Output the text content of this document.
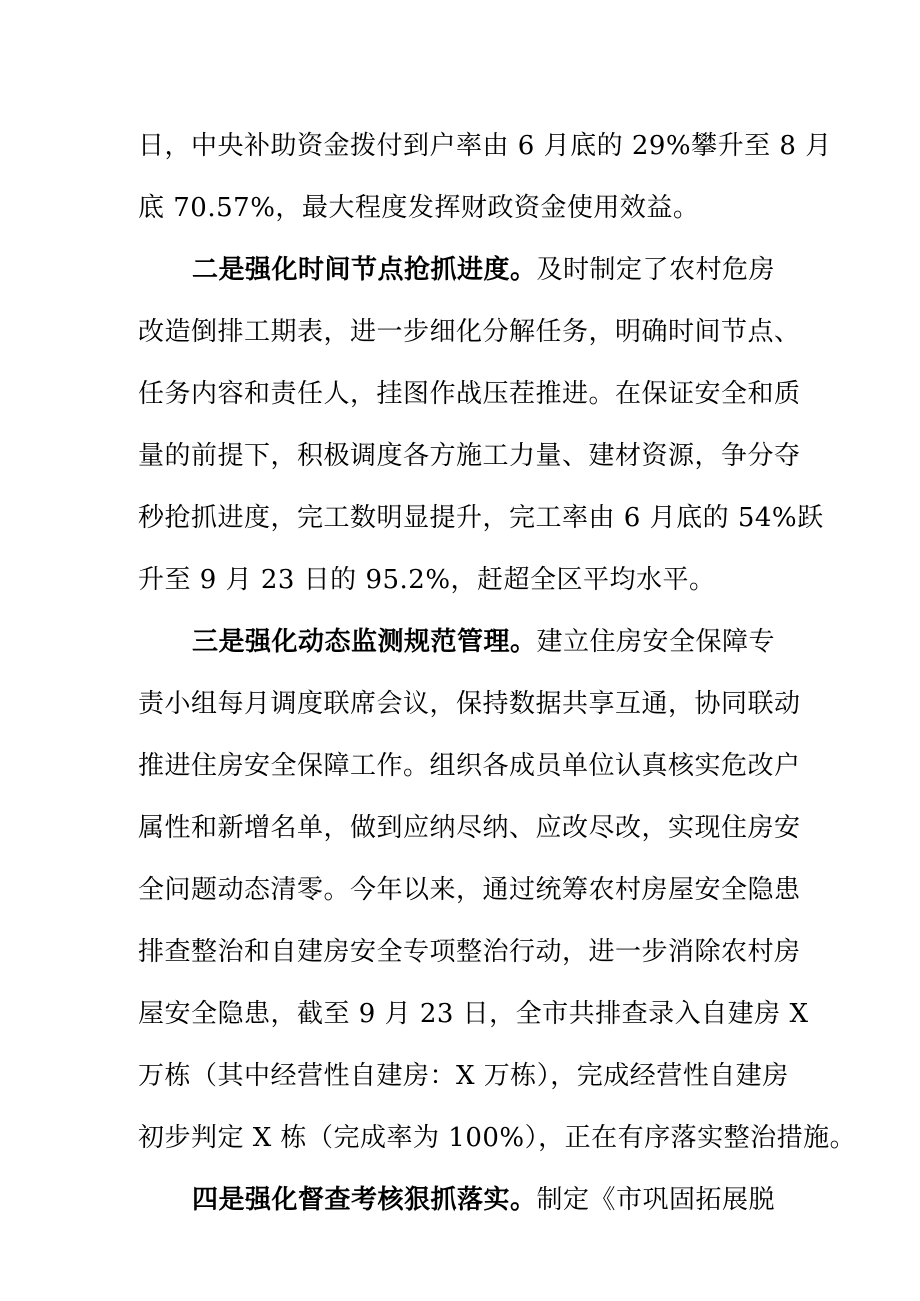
日，中央补助资金拨付到户率由 6 月底的 29%攀升至 8 月
底 70.57%，最大程度发挥财政资金使用效益。
二是强化时间节点抢抓进度。及时制定了农村危房
改造倒排工期表，进一步细化分解任务，明确时间节点、
任务内容和责任人，挂图作战压茬推进。在保证安全和质
量的前提下，积极调度各方施工力量、建材资源，争分夺
秒抢抓进度，完工数明显提升，完工率由 6 月底的 54%跃
升至 9 月 23 日的 95.2%，赶超全区平均水平。
三是强化动态监测规范管理。建立住房安全保障专
责小组每月调度联席会议，保持数据共享互通，协同联动
推进住房安全保障工作。组织各成员单位认真核实危改户
属性和新增名单，做到应纳尽纳、应改尽改，实现住房安
全问题动态清零。今年以来，通过统筹农村房屋安全隐患
排查整治和自建房安全专项整治行动，进一步消除农村房
屋安全隐患，截至 9 月 23 日，全市共排查录入自建房 X
万栋（其中经营性自建房：X 万栋），完成经营性自建房
初步判定 X 栋（完成率为 100%），正在有序落实整治措施。
四是强化督查考核狠抓落实。制定《市巩固拓展脱
